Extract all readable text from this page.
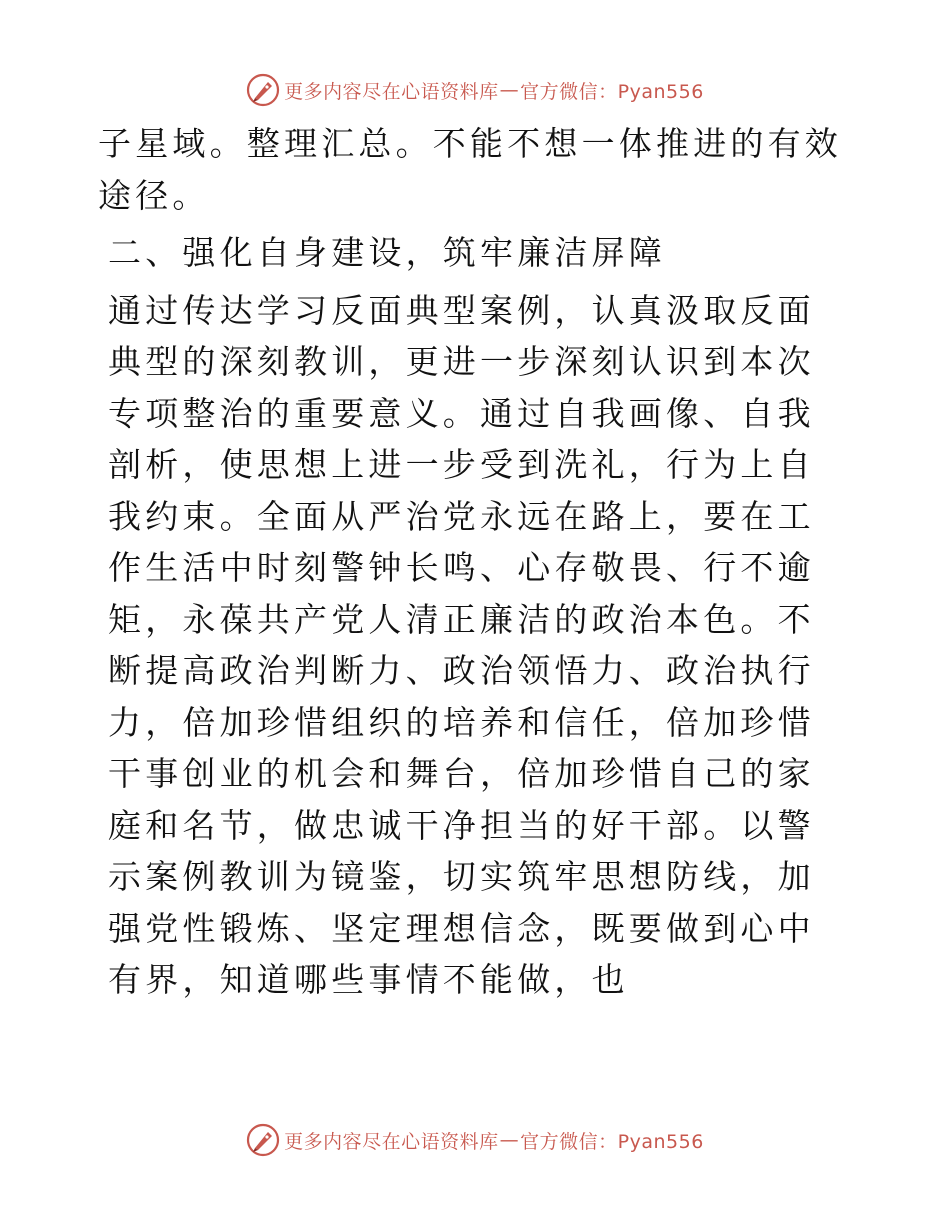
更多内容尽在心语资料库 — 官方微信：Pyan556

子星域。整理汇总。不能不想一体推进的有效途径。

二、强化自身建设，筑牢廉洁屏障

通过传达学习反面典型案例，认真汲取反面典型的深刻教训，更进一步深刻认识到本次专项整治的重要意义。通过自我画像、自我剖析，使思想上进一步受到洗礼，行为上自我约束。全面从严治党永远在路上，要在工作生活中时刻警钟长鸣、心存敬畏、行不逾矩，永葆共产党人清正廉洁的政治本色。不断提高政治判断力、政治领悟力、政治执行力，倍加珍惜组织的培养和信任，倍加珍惜干事创业的机会和舞台，倍加珍惜自己的家庭和名节，做忠诚干净担当的好干部。以警示案例教训为镜鉴，切实筑牢思想防线，加强党性锻炼、坚定理想信念，既要做到心中有界，知道哪些事情不能做，也

更多内容尽在心语资料库 — 官方微信：Pyan556
